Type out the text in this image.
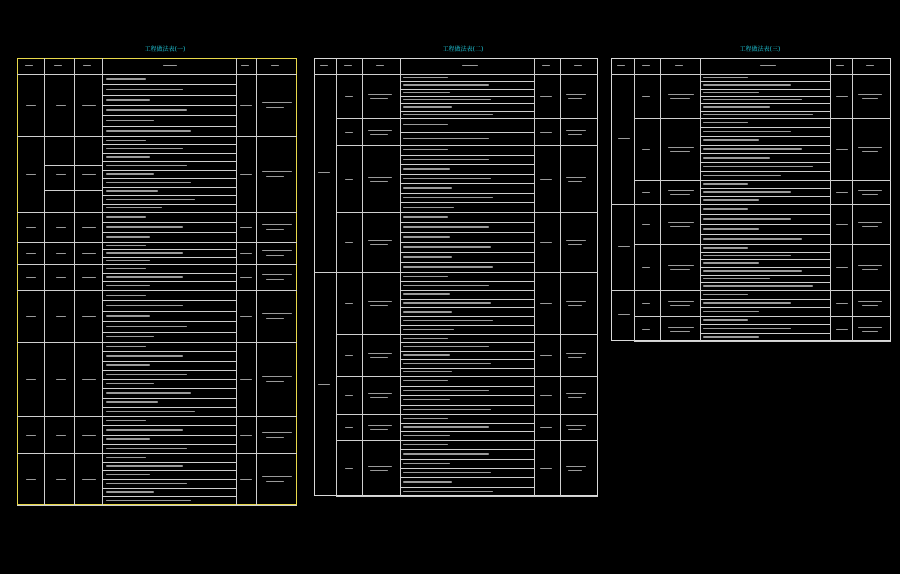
工程做法表(一)	工程做法表(二)	工程做法表(三)
